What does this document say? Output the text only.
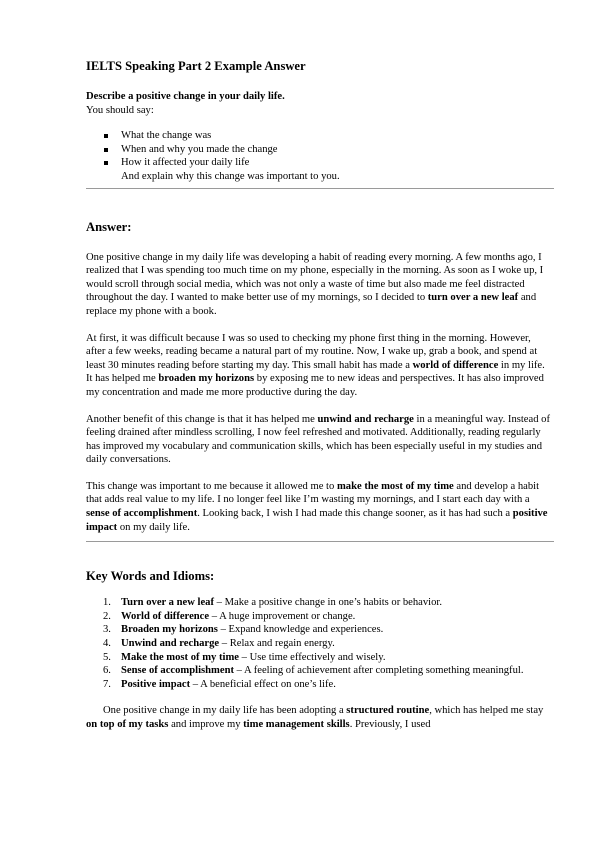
IELTS Speaking Part 2 Example Answer

Describe a positive change in your daily life.

You should say:

What the change was
When and why you made the change
How it affected your daily life

And explain why this change was important to you.

Answer:

One positive change in my daily life was developing a habit of reading every morning. A few months ago, I realized that I was spending too much time on my phone, especially in the morning. As soon as I woke up, I would scroll through social media, which was not only a waste of time but also made me feel distracted throughout the day. I wanted to make better use of my mornings, so I decided to turn over a new leaf and replace my phone with a book.

At first, it was difficult because I was so used to checking my phone first thing in the morning. However, after a few weeks, reading became a natural part of my routine. Now, I wake up, grab a book, and spend at least 30 minutes reading before starting my day. This small habit has made a world of difference in my life. It has helped me broaden my horizons by exposing me to new ideas and perspectives. It has also improved my concentration and made me more productive during the day.

Another benefit of this change is that it has helped me unwind and recharge in a meaningful way. Instead of feeling drained after mindless scrolling, I now feel refreshed and motivated. Additionally, reading regularly has improved my vocabulary and communication skills, which has been especially useful in my studies and daily conversations.

This change was important to me because it allowed me to make the most of my time and develop a habit that adds real value to my life. I no longer feel like I’m wasting my mornings, and I start each day with a sense of accomplishment. Looking back, I wish I had made this change sooner, as it has had such a positive impact on my daily life.

Key Words and Idioms:
1. Turn over a new leaf – Make a positive change in one’s habits or behavior.
2. World of difference – A huge improvement or change.
3. Broaden my horizons – Expand knowledge and experiences.
4. Unwind and recharge – Relax and regain energy.
5. Make the most of my time – Use time effectively and wisely.
6. Sense of accomplishment – A feeling of achievement after completing something meaningful.
7. Positive impact – A beneficial effect on one’s life.

One positive change in my daily life has been adopting a structured routine, which has helped me stay on top of my tasks and improve my time management skills. Previously, I used
